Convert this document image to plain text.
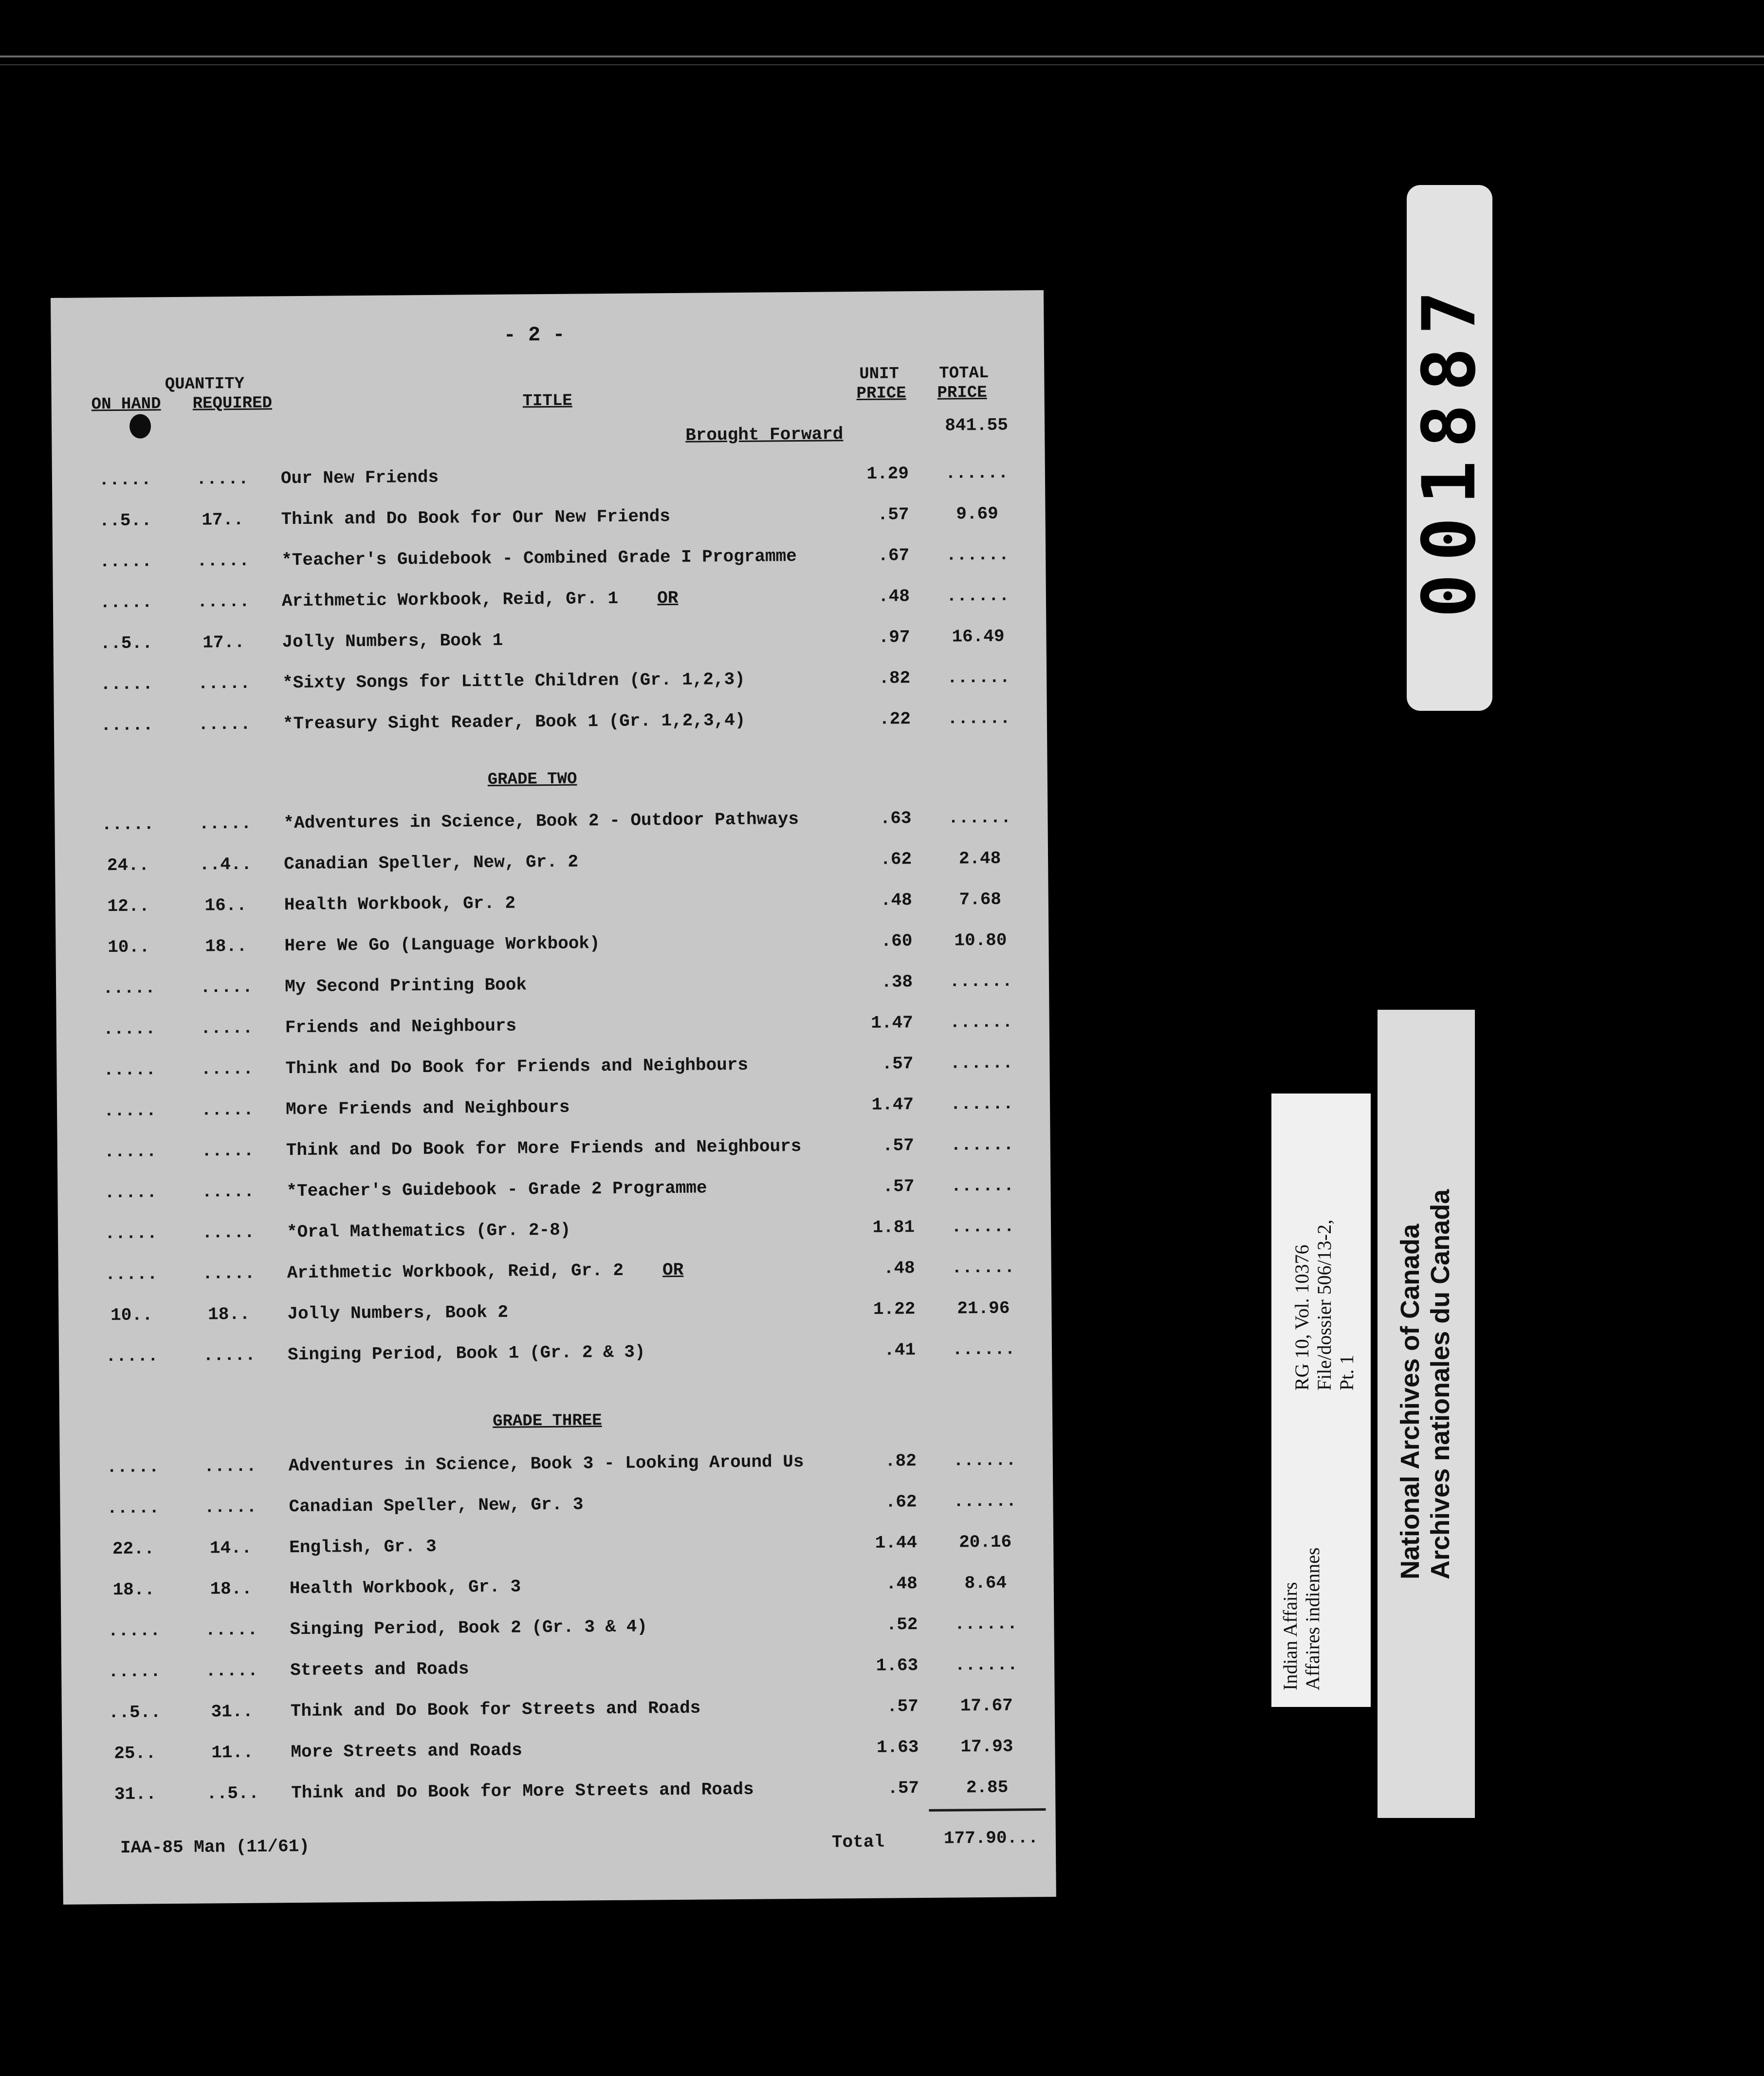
- 2 -
QUANTITY
ON HAND REQUIRED	TITLE
UNIT
PRICE
TOTAL
PRICE
Brought Forward	841.55
.....	..... Our New Friends	1.29	......
..5..	17..	Think and Do Book for Our New Friends	.57	9.69
.....	..... *Teacher's Guidebook - Combined Grade I Programme	.67	......
.....	..... Arithmetic Workbook, Reid, Gr. 1 OR	.48	......
..5..	17..	Jolly Numbers, Book 1	.97	16.49
.....	..... *Sixty Songs for Little Children (Gr. 1,2,3)	.82	......
.....	..... *Treasury Sight Reader, Book 1 (Gr. 1,2,3,4)	.22	......
GRADE TWO
.....	..... *Adventures in Science, Book 2 - Outdoor Pathways	.63	......
24..	..4.. Canadian Speller, New, Gr. 2	.62	2.48
12..	16..	Health Workbook, Gr. 2	.48	7.68
10..	18..	Here We Go (Language Workbook)	.60	10.80
.....	..... My Second Printing Book	.38	......
.....	..... Friends and Neighbours	1.47	......
.....	..... Think and Do Book for Friends and Neighbours	.57	......
.....	..... More Friends and Neighbours	1.47	......
.....	..... Think and Do Book for More Friends and Neighbours	.57	......
.....	..... *Teacher's Guidebook - Grade 2 Programme	.57	......
.....	..... *Oral Mathematics (Gr. 2-8)	1.81	......
.....	..... Arithmetic Workbook, Reid, Gr. 2 OR	.48	......
10..	18..	Jolly Numbers, Book 2	1.22	21.96
.....	..... Singing Period, Book 1 (Gr. 2 & 3)	.41	......
GRADE THREE
.....	..... Adventures in Science, Book 3 - Looking Around Us	.82	......
.....	..... Canadian Speller, New, Gr. 3	.62	......
22..	14..	English, Gr. 3	1.44	20.16
18..	18..	Health Workbook, Gr. 3	.48	8.64
.....	..... Singing Period, Book 2 (Gr. 3 & 4)	.52	......
.....	..... Streets and Roads	1.63	......
..5..	31..	Think and Do Book for Streets and Roads	.57	17.67
25..	11..	More Streets and Roads	1.63	17.93
31..	..5.. Think and Do Book for More Streets and Roads	.57	2.85
IAA-85 Man (11/61)	Total	177.90...
001887
Indian Affairs Affaires indiennes
RG 10, Vol. 10376 File/dossier 506/13-2, Pt. 1 National Archives of Canada Archives nationales du Canada
